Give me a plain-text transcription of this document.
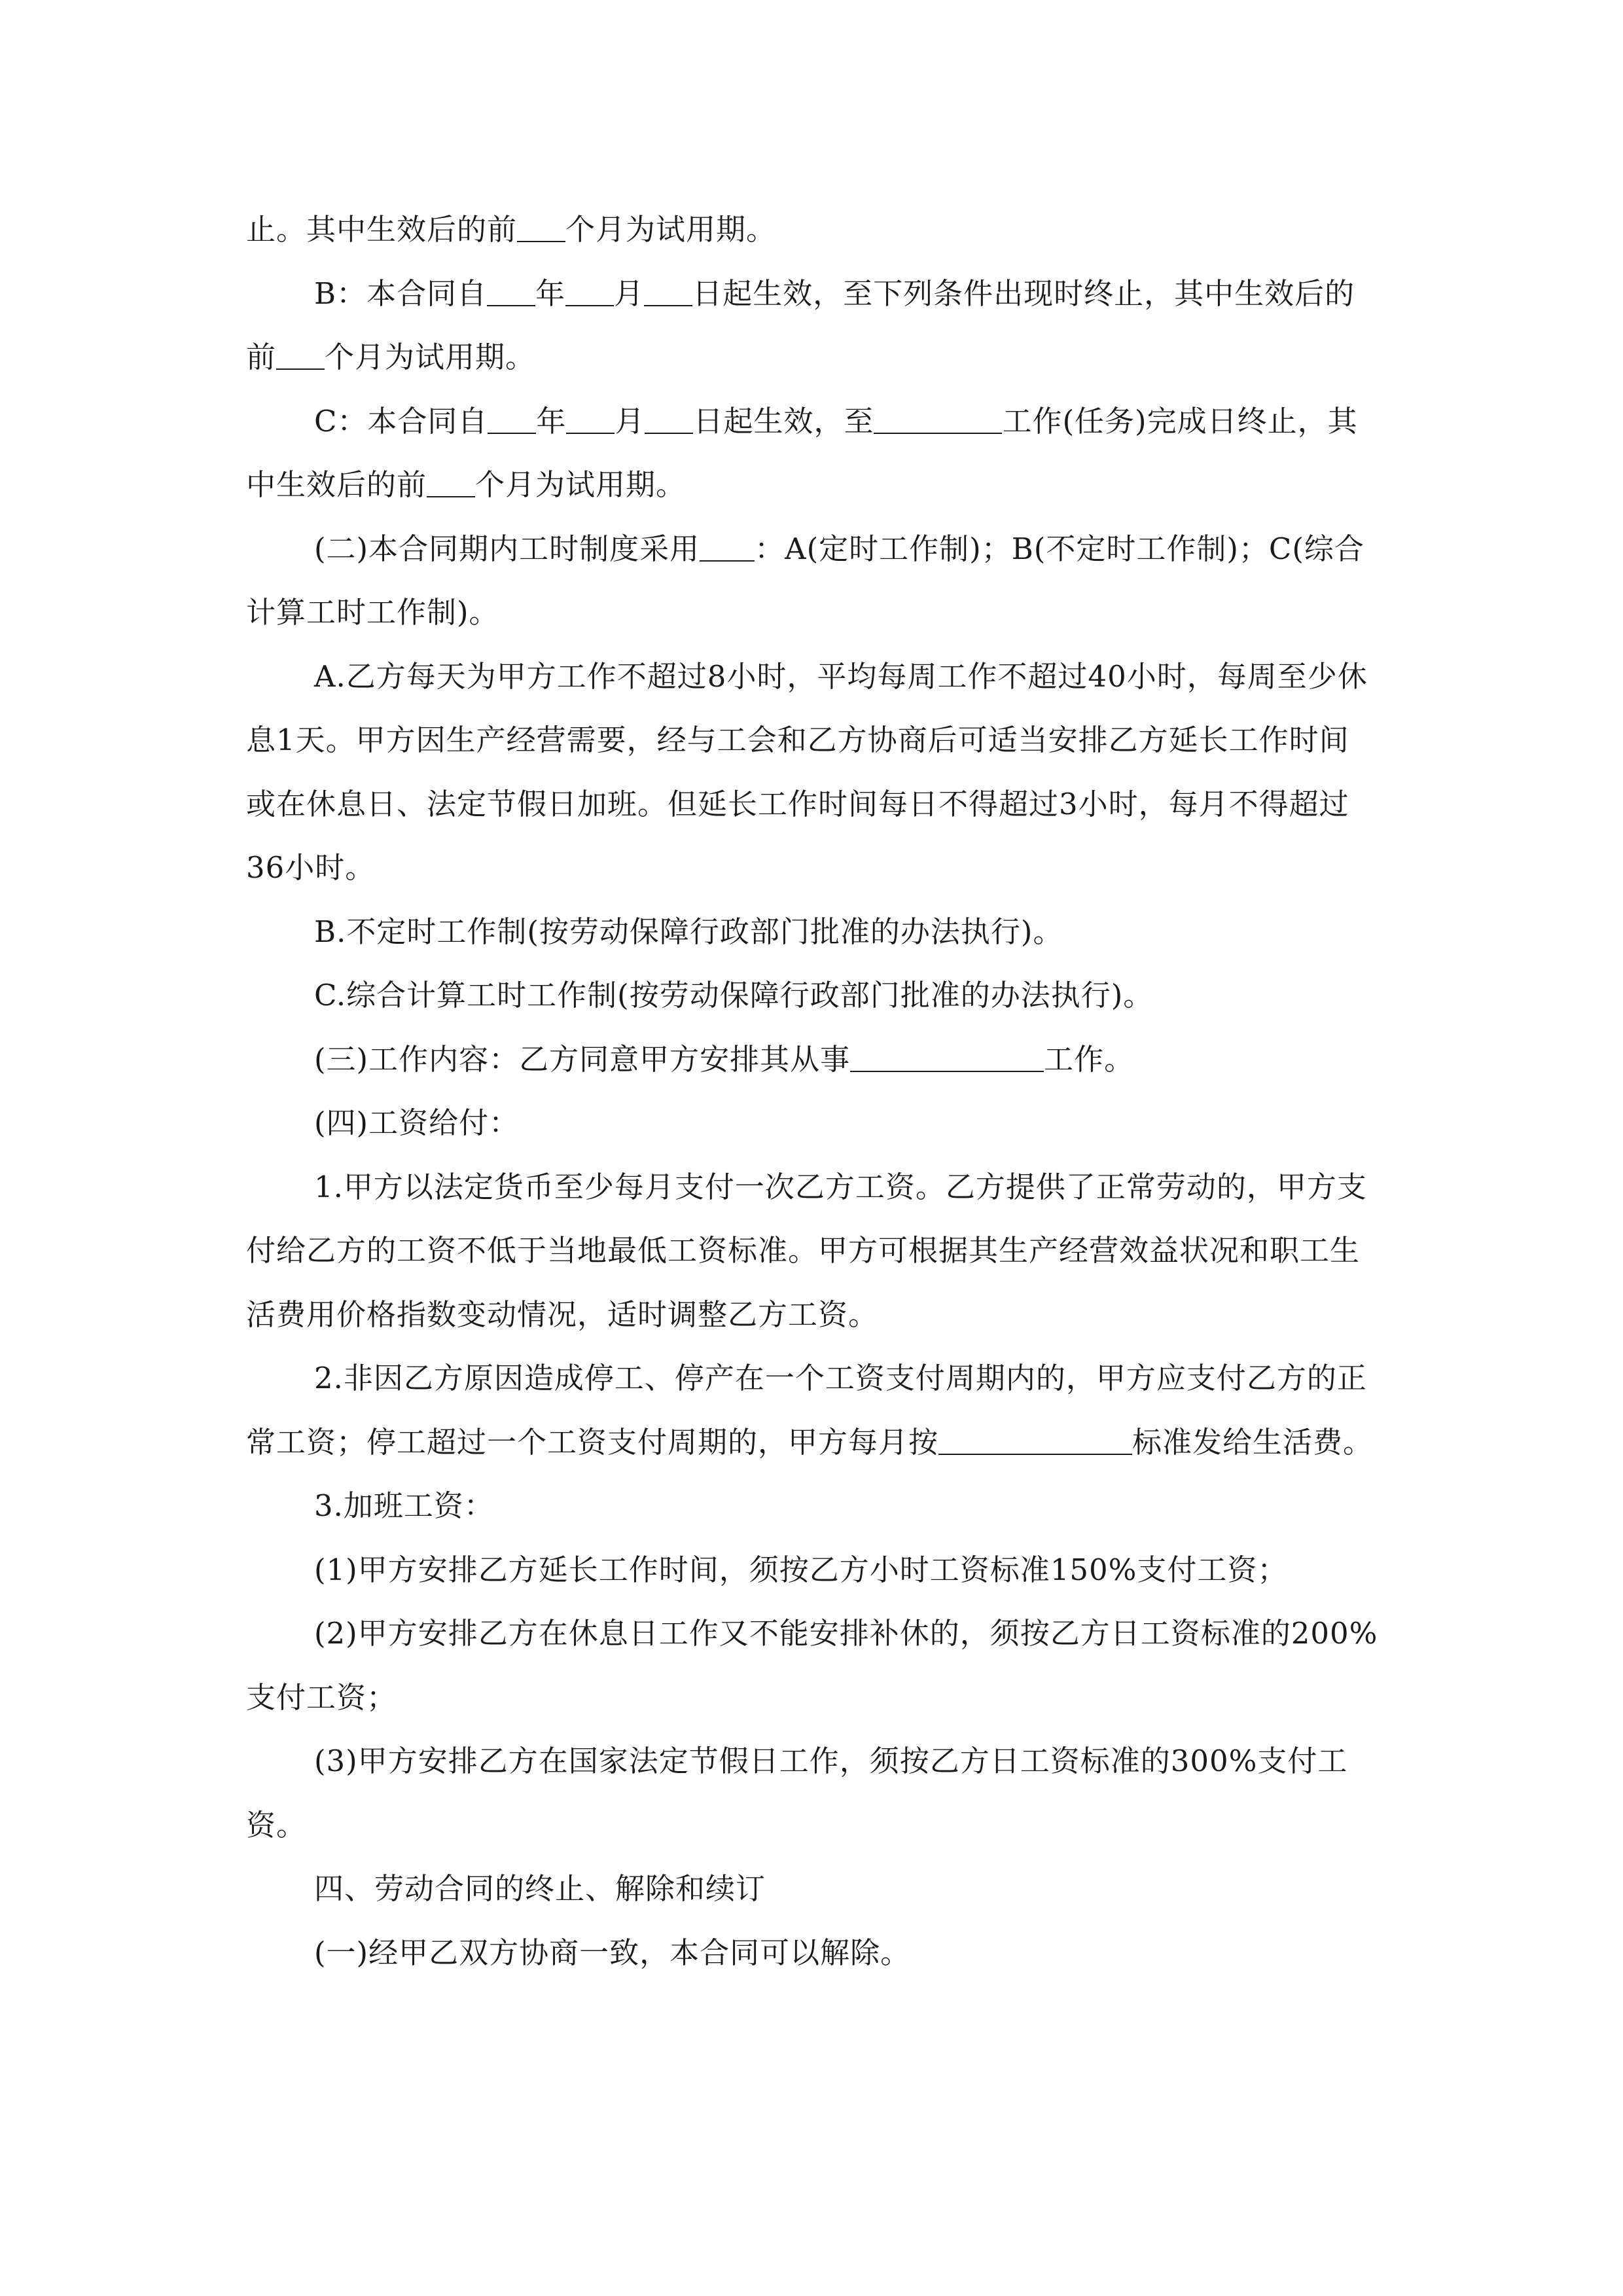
止。其中生效后的前 个月为试用期。

B：本合同自 年 月 日起生效，至下列条件出现时终止，其中生效后的前 个月为试用期。

C：本合同自 年 月 日起生效，至	工作(任务)完成日终止，其中生效后的前 个月为试用期。

(二)本合同期内工时制度采用 ：A(定时工作制)；B(不定时工作制)；C(综合计算工时工作制)。

A.乙方每天为甲方工作不超过8小时，平均每周工作不超过40小时，每周至少休息1天。甲方因生产经营需要，经与工会和乙方协商后可适当安排乙方延长工作时间或在休息日、法定节假日加班。但延长工作时间每日不得超过3小时，每月不得超过36小时。

B.不定时工作制(按劳动保障行政部门批准的办法执行)。

C.综合计算工时工作制(按劳动保障行政部门批准的办法执行)。

(三)工作内容：乙方同意甲方安排其从事	工作。

(四)工资给付：

1.甲方以法定货币至少每月支付一次乙方工资。乙方提供了正常劳动的，甲方支付给乙方的工资不低于当地最低工资标准。甲方可根据其生产经营效益状况和职工生活费用价格指数变动情况，适时调整乙方工资。

2.非因乙方原因造成停工、停产在一个工资支付周期内的，甲方应支付乙方的正常工资；停工超过一个工资支付周期的，甲方每月按	标准发给生活费。

3.加班工资：

(1)甲方安排乙方延长工作时间，须按乙方小时工资标准150%支付工资；

(2)甲方安排乙方在休息日工作又不能安排补休的，须按乙方日工资标准的200%支付工资；

(3)甲方安排乙方在国家法定节假日工作，须按乙方日工资标准的300%支付工资。

四、劳动合同的终止、解除和续订

(一)经甲乙双方协商一致，本合同可以解除。
